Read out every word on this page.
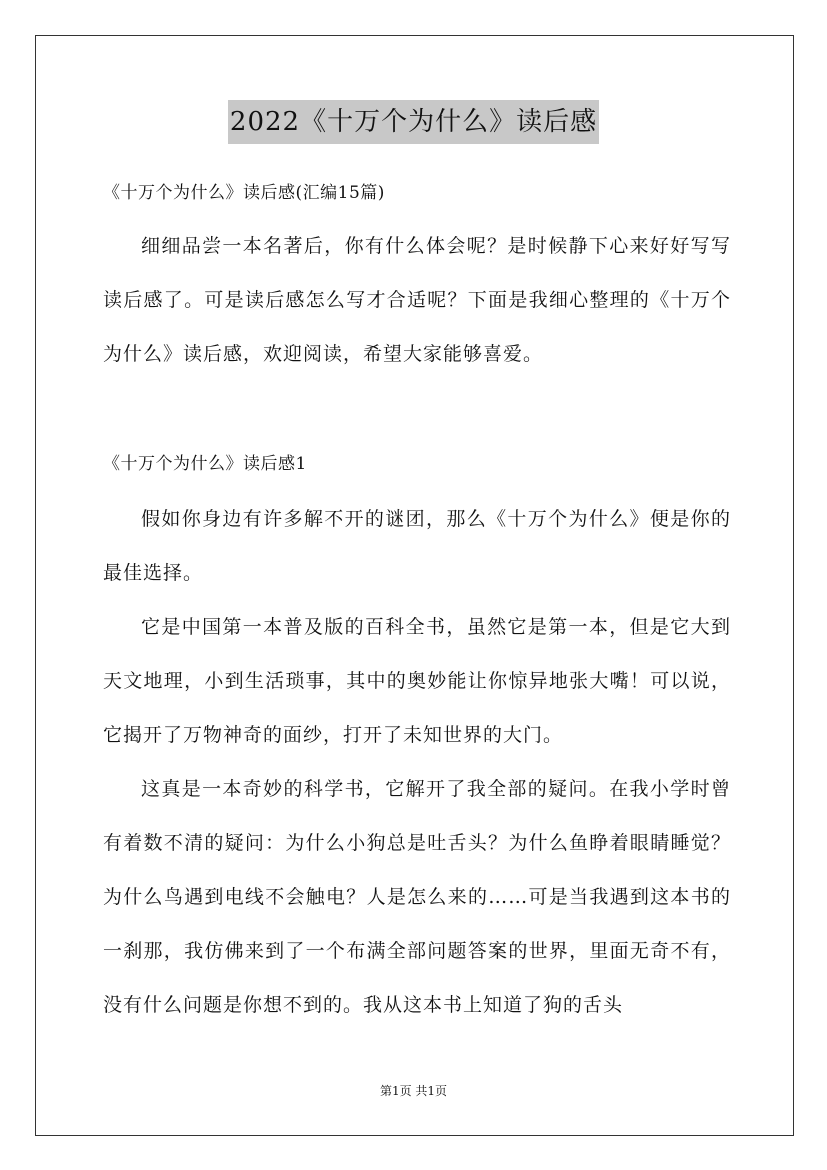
2022《十万个为什么》读后感
《十万个为什么》读后感(汇编15篇)

细细品尝一本名著后，你有什么体会呢？是时候静下心来好好写写读后感了。可是读后感怎么写才合适呢？下面是我细心整理的《十万个为什么》读后感，欢迎阅读，希望大家能够喜爱。

《十万个为什么》读后感1

假如你身边有许多解不开的谜团，那么《十万个为什么》便是你的最佳选择。

它是中国第一本普及版的百科全书，虽然它是第一本，但是它大到天文地理，小到生活琐事，其中的奥妙能让你惊异地张大嘴！可以说，它揭开了万物神奇的面纱，打开了未知世界的大门。

这真是一本奇妙的科学书，它解开了我全部的疑问。在我小学时曾有着数不清的疑问：为什么小狗总是吐舌头？为什么鱼睁着眼睛睡觉？为什么鸟遇到电线不会触电？人是怎么来的……可是当我遇到这本书的一刹那，我仿佛来到了一个布满全部问题答案的世界，里面无奇不有，没有什么问题是你想不到的。我从这本书上知道了狗的舌头

第1页 共1页
